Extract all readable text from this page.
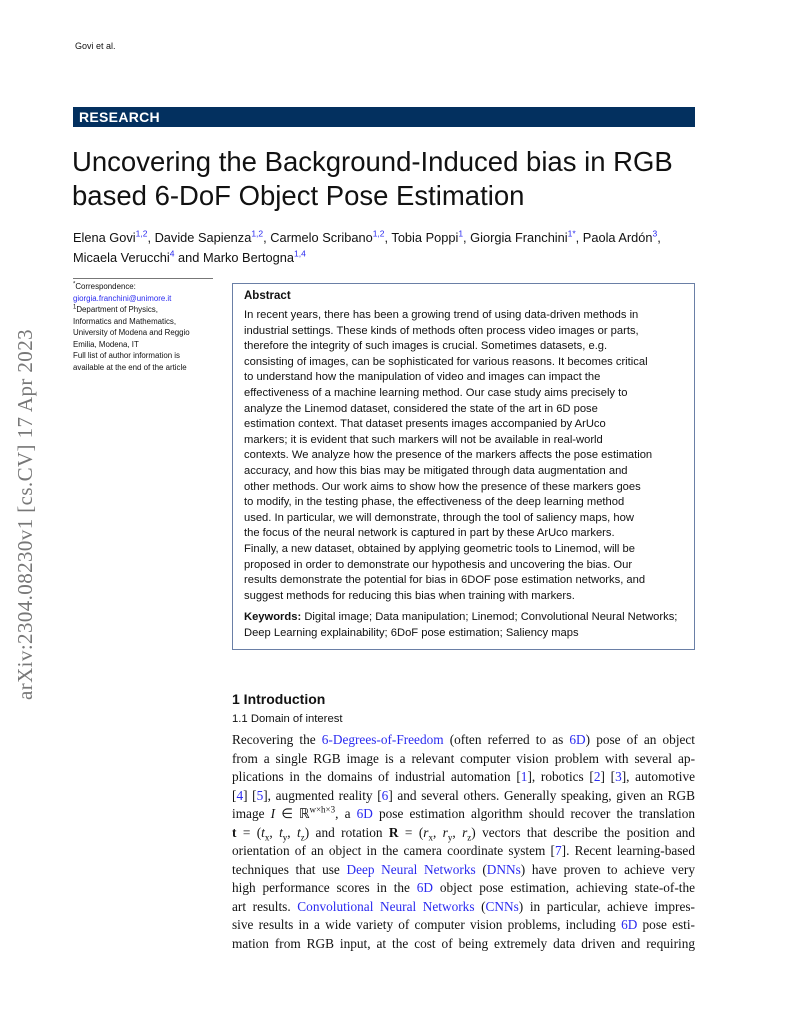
Govi et al.
RESEARCH
Uncovering the Background-Induced bias in RGB
based 6-DoF Object Pose Estimation
Elena Govi$^{1,2}$, Davide Sapienza$^{1,2}$, Carmelo Scribano$^{1,2}$, Tobia Poppi$^1$, Giorgia Franchini$^{1*}$, Paola Ardón$^3$,
Micaela Verucchi$^4$ and Marko Bertogna$^{1,4}$
arXiv:2304.08230v1 [cs.CV] 17 Apr 2023
*Correspondence:
giorgia.franchini@unimore.it
$^1$Department of Physics,
Informatics and Mathematics,
University of Modena and Reggio
Emilia, Modena, IT
Full list of author information is
available at the end of the article
Abstract
In recent years, there has been a growing trend of using data-driven methods in
industrial settings. These kinds of methods often process video images or parts,
therefore the integrity of such images is crucial. Sometimes datasets, e.g.
consisting of images, can be sophisticated for various reasons. It becomes critical
to understand how the manipulation of video and images can impact the
effectiveness of a machine learning method. Our case study aims precisely to
analyze the Linemod dataset, considered the state of the art in 6D pose
estimation context. That dataset presents images accompanied by ArUco
markers; it is evident that such markers will not be available in real-world
contexts. We analyze how the presence of the markers affects the pose estimation
accuracy, and how this bias may be mitigated through data augmentation and
other methods. Our work aims to show how the presence of these markers goes
to modify, in the testing phase, the effectiveness of the deep learning method
used. In particular, we will demonstrate, through the tool of saliency maps, how
the focus of the neural network is captured in part by these ArUco markers.
Finally, a new dataset, obtained by applying geometric tools to Linemod, will be
proposed in order to demonstrate our hypothesis and uncovering the bias. Our
results demonstrate the potential for bias in 6DOF pose estimation networks, and
suggest methods for reducing this bias when training with markers.
Keywords: Digital image; Data manipulation; Linemod; Convolutional Neural Networks; Deep Learning explainability; 6DoF pose estimation; Saliency maps
1 Introduction
1.1 Domain of interest
Recovering the 6-Degrees-of-Freedom (often referred to as 6D) pose of an object
from a single RGB image is a relevant computer vision problem with several ap-
plications in the domains of industrial automation [1], robotics [2] [3], automotive
[4] [5], augmented reality [6] and several others. Generally speaking, given an RGB
image I ∈ ℝ$^{w\times h\times 3}$, a 6D pose estimation algorithm should recover the translation
$t = (t_x$, $t_y$, $t_z$) and rotation $R = (r_x$, $r_y$, $r_z$) vectors that describe the position and
orientation of an object in the camera coordinate system [7]. Recent learning-based
techniques that use Deep Neural Networks (DNNs) have proven to achieve very
high performance scores in the 6D object pose estimation, achieving state-of-the
art results. Convolutional Neural Networks (CNNs) in particular, achieve impres-
sive results in a wide variety of computer vision problems, including 6D pose esti-
mation from RGB input, at the cost of being extremely data driven and requiring
